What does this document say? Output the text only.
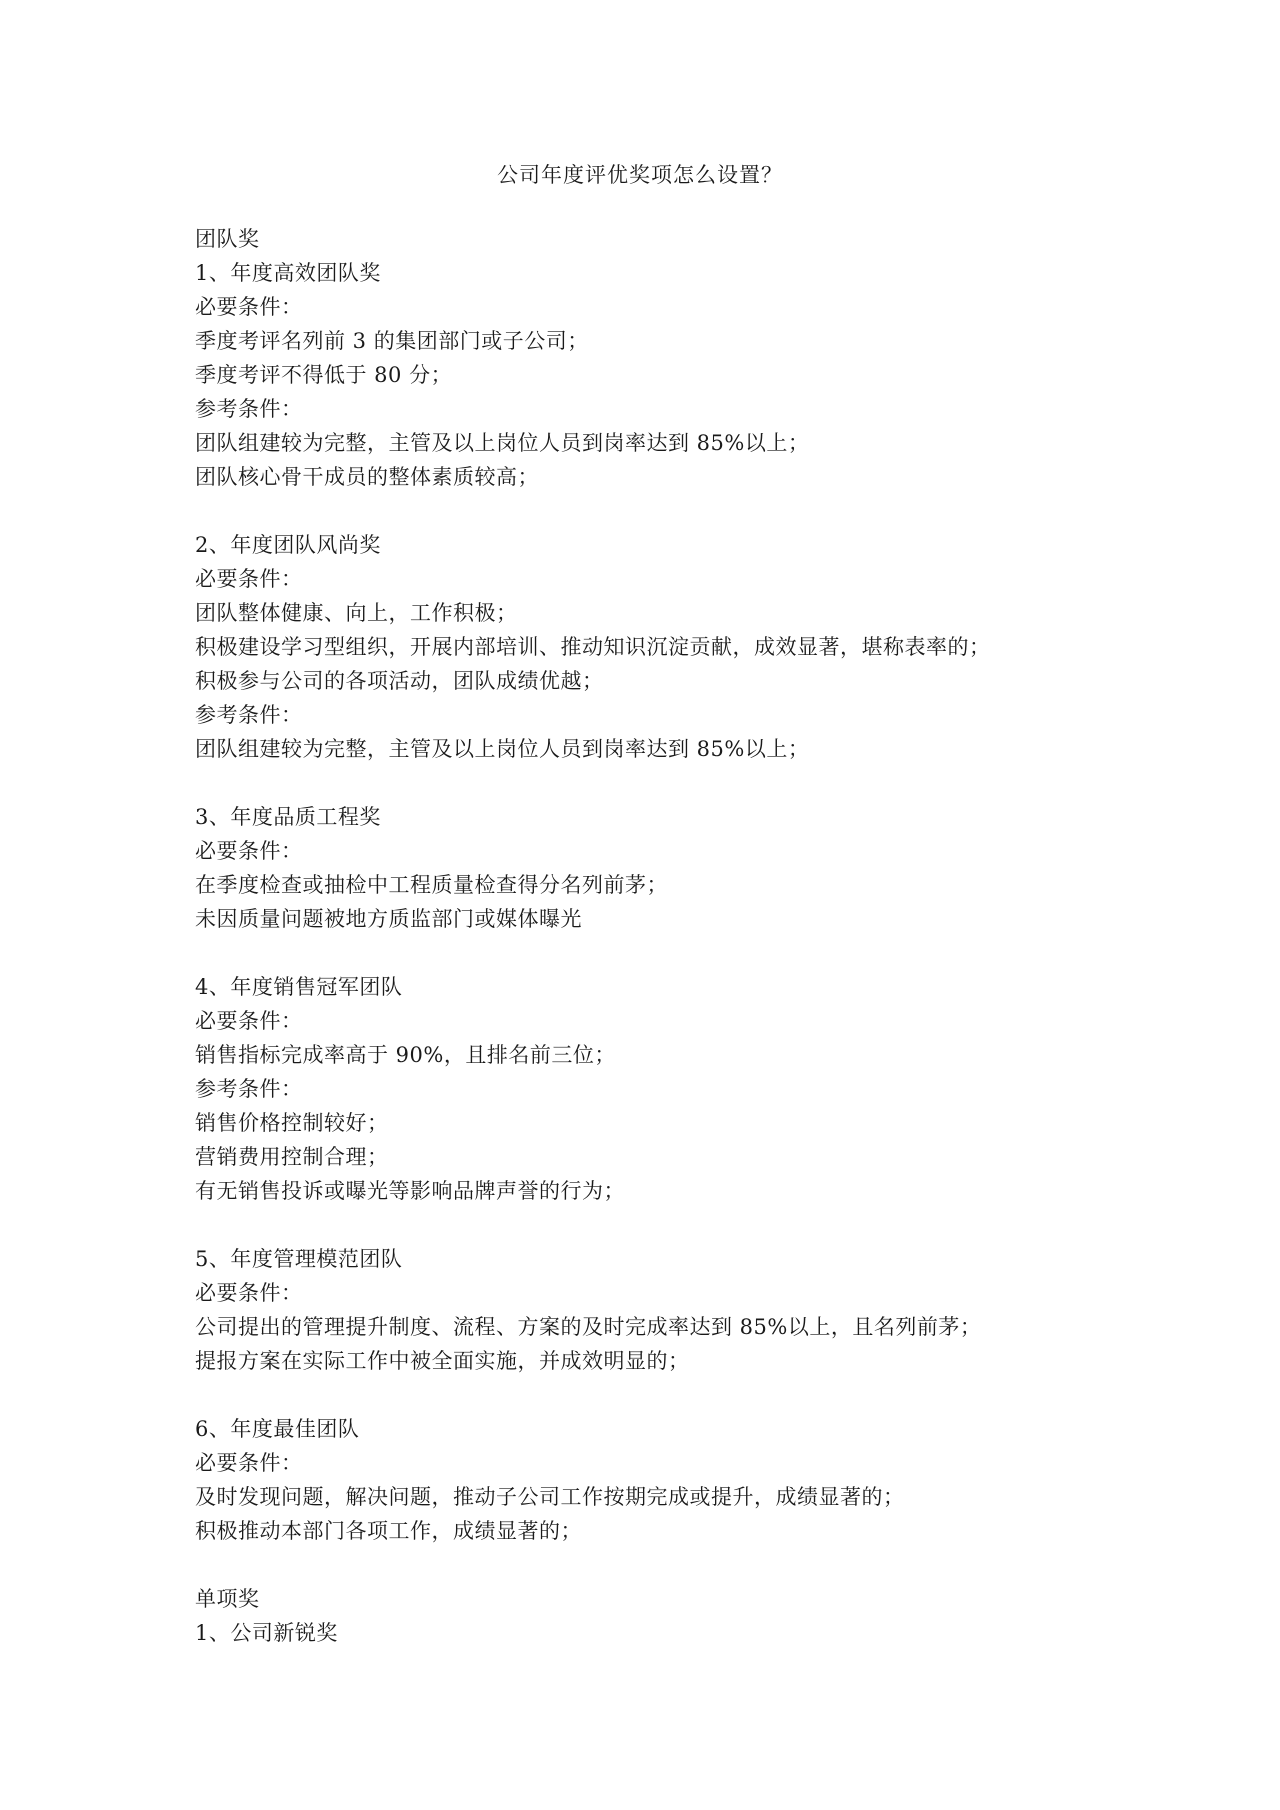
公司年度评优奖项怎么设置？
团队奖
1、年度高效团队奖
必要条件：
季度考评名列前 3 的集团部门或子公司；
季度考评不得低于 80 分；
参考条件：
团队组建较为完整，主管及以上岗位人员到岗率达到 85%以上；
团队核心骨干成员的整体素质较高；
2、年度团队风尚奖
必要条件：
团队整体健康、向上，工作积极；
积极建设学习型组织，开展内部培训、推动知识沉淀贡献，成效显著，堪称表率的；
积极参与公司的各项活动，团队成绩优越；
参考条件：
团队组建较为完整，主管及以上岗位人员到岗率达到 85%以上；
3、年度品质工程奖
必要条件：
在季度检查或抽检中工程质量检查得分名列前茅；
未因质量问题被地方质监部门或媒体曝光
4、年度销售冠军团队
必要条件：
销售指标完成率高于 90%，且排名前三位；
参考条件：
销售价格控制较好；
营销费用控制合理；
有无销售投诉或曝光等影响品牌声誉的行为；
5、年度管理模范团队
必要条件：
公司提出的管理提升制度、流程、方案的及时完成率达到 85%以上，且名列前茅；
提报方案在实际工作中被全面实施，并成效明显的；
6、年度最佳团队
必要条件：
及时发现问题，解决问题，推动子公司工作按期完成或提升，成绩显著的；
积极推动本部门各项工作，成绩显著的；
单项奖
1、公司新锐奖
